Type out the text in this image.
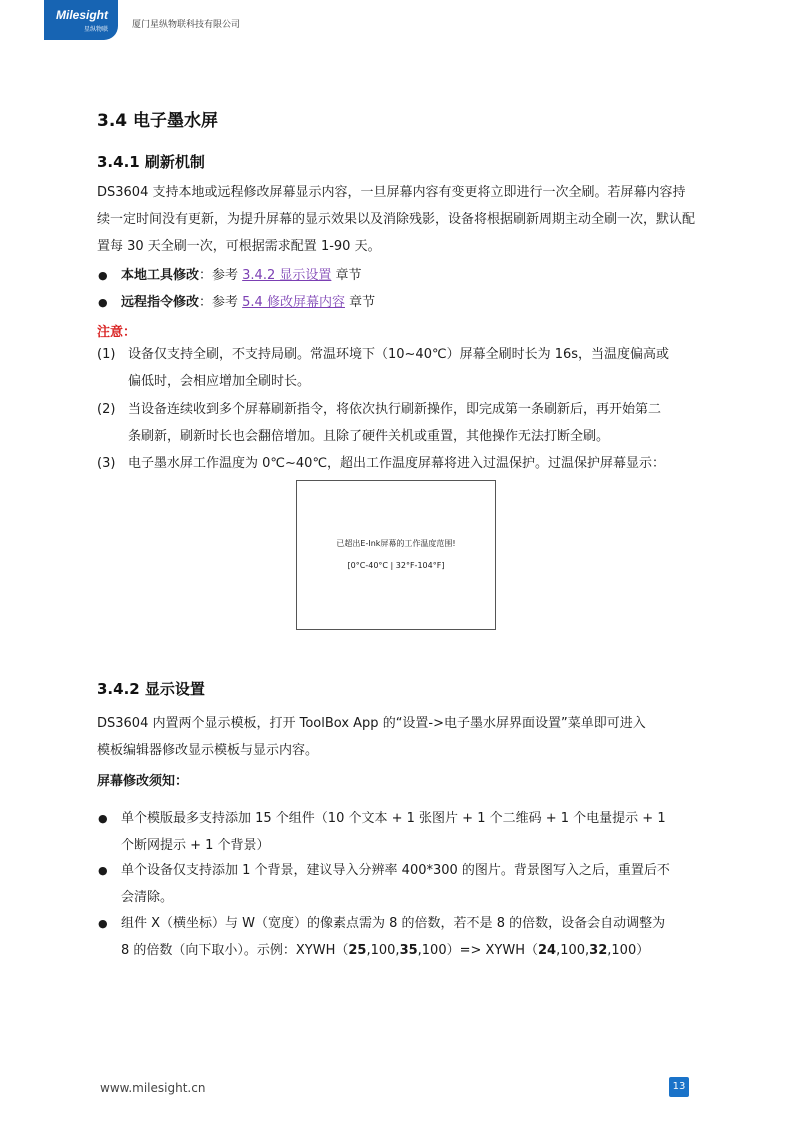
Milesight
星纵物联	厦门星纵物联科技有限公司
3.4 电子墨水屏
3.4.1 刷新机制

DS3604 支持本地或远程修改屏幕显示内容，一旦屏幕内容有变更将立即进行一次全刷。若屏幕内容持续一定时间没有更新，为提升屏幕的显示效果以及消除残影，设备将根据刷新周期主动全刷一次，默认配置每 30 天全刷一次，可根据需求配置 1-90 天。

● 本地工具修改：参考 3.4.2 显示设置 章节
● 远程指令修改：参考 5.4 修改屏幕内容 章节
注意：
(1) 设备仅支持全刷，不支持局刷。常温环境下（10~40℃）屏幕全刷时长为 16s，当温度偏高或
偏低时，会相应增加全刷时长。
(2) 当设备连续收到多个屏幕刷新指令，将依次执行刷新操作，即完成第一条刷新后，再开始第二
条刷新，刷新时长也会翻倍增加。且除了硬件关机或重置，其他操作无法打断全刷。
(3) 电子墨水屏工作温度为 0℃~40℃，超出工作温度屏幕将进入过温保护。过温保护屏幕显示：
已超出E-Ink屏幕的工作温度范围!
[0°C-40°C | 32°F-104°F]
3.4.2 显示设置
DS3604 内置两个显示模板，打开 ToolBox App 的“设置->电子墨水屏界面设置”菜单即可进入
模板编辑器修改显示模板与显示内容。
屏幕修改须知：
● 单个模版最多支持添加 15 个组件（10 个文本 + 1 张图片 + 1 个二维码 + 1 个电量提示 + 1
个断网提示 + 1 个背景）
● 单个设备仅支持添加 1 个背景，建议导入分辨率 400*300 的图片。背景图写入之后，重置后不
会清除。
● 组件 X（横坐标）与 W（宽度）的像素点需为 8 的倍数，若不是 8 的倍数，设备会自动调整为
8 的倍数（向下取小）。示例：XYWH（25,100,35,100）=> XYWH（24,100,32,100）
www.milesight.cn	13
